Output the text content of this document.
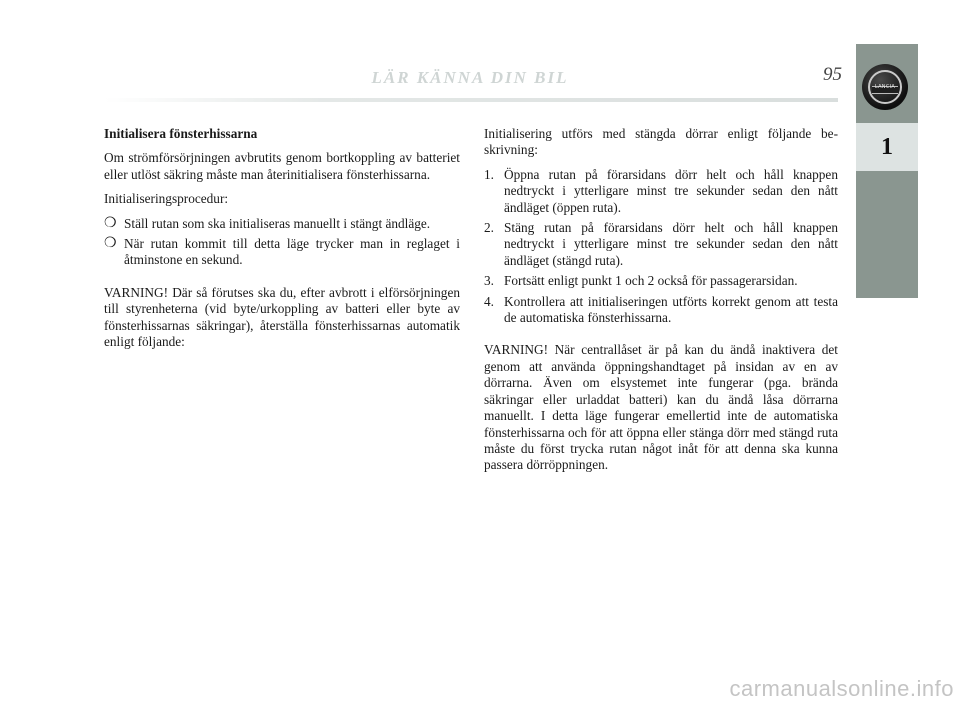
LÄR KÄNNA DIN BIL	95
LANCIA
1

Initialisera fönsterhissarna

Om strömförsörjningen avbrutits genom bortkoppling av batteriet eller utlöst säkring måste man återinitialisera fönsterhissarna.

Initialiseringsprocedur:

❍ Ställ rutan som ska initialiseras manuellt i stängt ändläge.
❍ När rutan kommit till detta läge trycker man in reglaget i åtminstone en sekund.

VARNING! Där så förutses ska du, efter avbrott i elförsörjningen till styrenheterna (vid byte/urkoppling av batteri eller byte av fönsterhissarnas säkringar), återställa fönsterhissarnas automatik enligt följande:

Initialisering utförs med stängda dörrar enligt följande beskrivning:

1. Öppna rutan på förarsidans dörr helt och håll knappen nedtryckt i ytterligare minst tre sekunder sedan den nått ändläget (öppen ruta).
2. Stäng rutan på förarsidans dörr helt och håll knappen nedtryckt i ytterligare minst tre sekunder sedan den nått ändläget (stängd ruta).
3. Fortsätt enligt punkt 1 och 2 också för passagerarsidan.
4. Kontrollera att initialiseringen utförts korrekt genom att testa de automatiska fönsterhissarna.

VARNING! När centrallåset är på kan du ändå inaktivera det genom att använda öppningshandtaget på insidan av en av dörrarna. Även om elsystemet inte fungerar (pga. brända säkringar eller urladdat batteri) kan du ändå låsa dörrarna manuellt. I detta läge fungerar emellertid inte de automatiska fönsterhissarna och för att öppna eller stänga dörr med stängd ruta måste du först trycka rutan något inåt för att denna ska kunna passera dörröppningen.

carmanualsonline.info
